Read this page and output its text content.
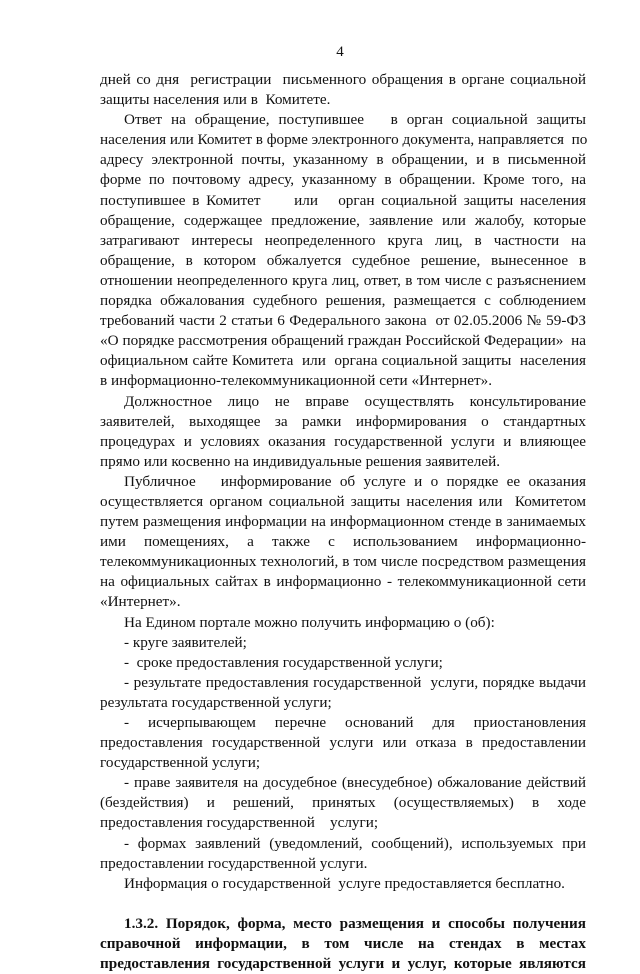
4
дней со дня  регистрации  письменного обращения в органе социальной
защиты населения или в  Комитете.
Ответ на обращение, поступившее   в орган социальной защиты
населения или Комитет в форме электронного документа, направляется  по
адресу электронной почты, указанному в обращении, и в письменной
форме по почтовому адресу, указанному в обращении. Кроме того, на
поступившее в Комитет     или   орган социальной защиты населения
обращение, содержащее предложение, заявление или жалобу, которые
затрагивают интересы неопределенного круга лиц, в частности на
обращение, в котором обжалуется судебное решение, вынесенное в
отношении неопределенного круга лиц, ответ, в том числе с разъяснением
порядка обжалования судебного решения, размещается с соблюдением
требований части 2 статьи 6 Федерального закона  от 02.05.2006 № 59-ФЗ
«О порядке рассмотрения обращений граждан Российской Федерации»  на
официальном сайте Комитета  или  органа социальной защиты  населения
в информационно-телекоммуникационной сети «Интернет».
Должностное лицо не вправе осуществлять консультирование
заявителей, выходящее за рамки информирования о стандартных
процедурах и условиях оказания государственной услуги и влияющее
прямо или косвенно на индивидуальные решения заявителей.
Публичное   информирование об услуге и о порядке ее оказания
осуществляется органом социальной защиты населения или  Комитетом
путем размещения информации на информационном стенде в занимаемых
ими помещениях, а также с использованием информационно-
телекоммуникационных технологий, в том числе посредством размещения
на официальных сайтах в информационно - телекоммуникационной сети
«Интернет».
На Едином портале можно получить информацию о (об):
- круге заявителей;
-  сроке предоставления государственной услуги;
- результате предоставления государственной  услуги, порядке выдачи
результата государственной услуги;
- исчерпывающем перечне оснований для приостановления
предоставления государственной услуги или отказа в предоставлении
государственной услуги;
- праве заявителя на досудебное (внесудебное) обжалование действий
(бездействия) и решений, принятых (осуществляемых) в ходе
предоставления государственной    услуги;
- формах заявлений (уведомлений, сообщений), используемых при
предоставлении государственной услуги.
Информация о государственной  услуге предоставляется бесплатно.
1.3.2. Порядок, форма, место размещения и способы получения
справочной информации, в том числе на стендах в местах
предоставления государственной услуги и услуг, которые являются
